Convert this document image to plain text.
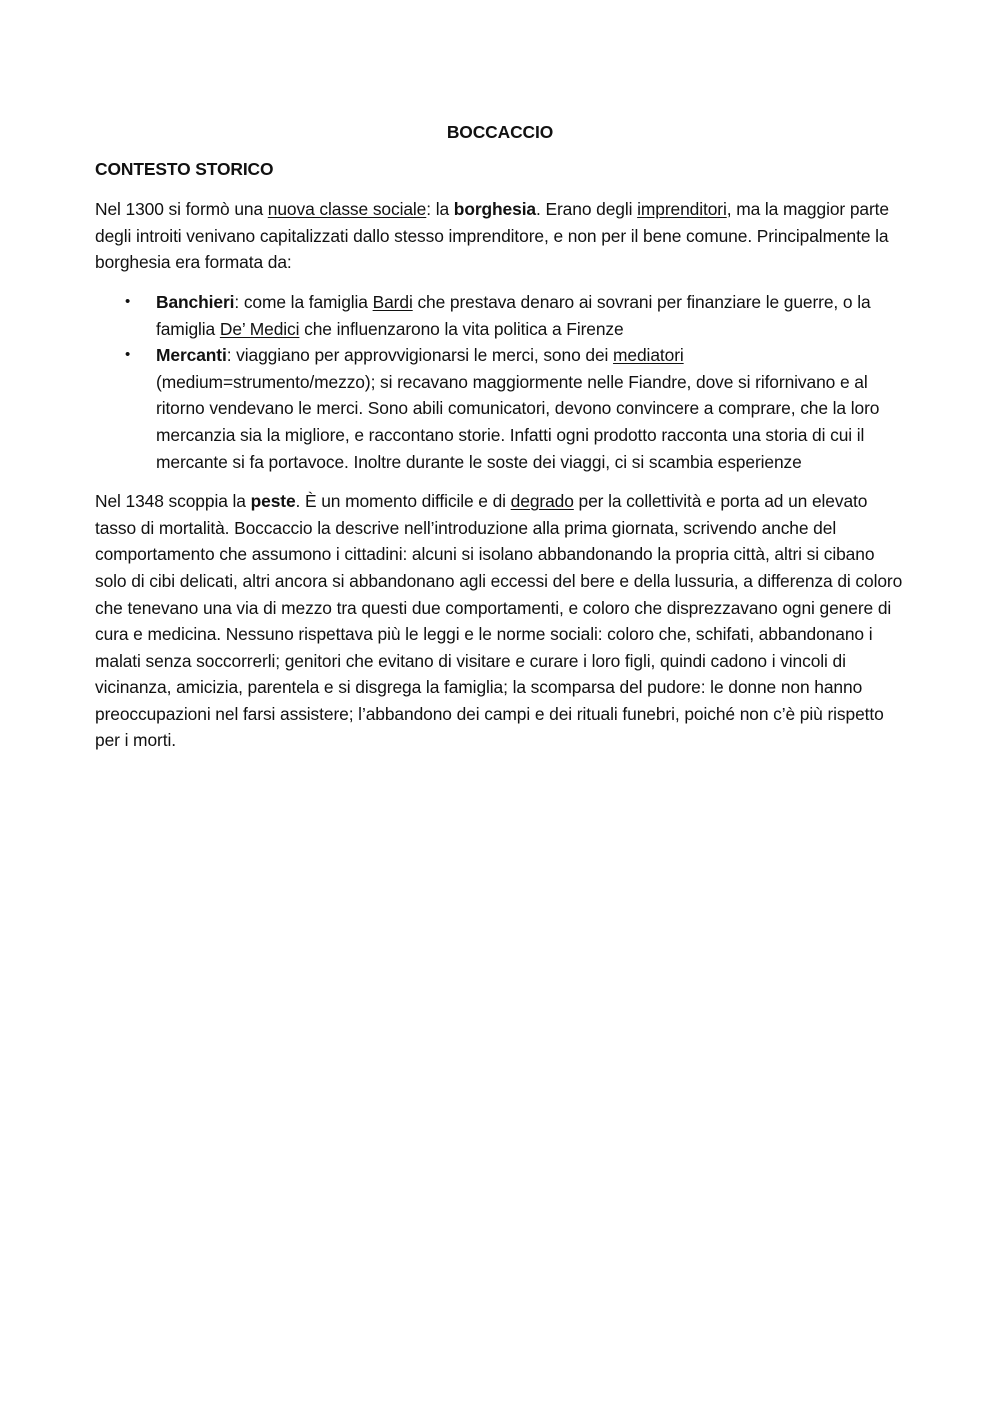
BOCCACCIO
CONTESTO STORICO

Nel 1300 si formò una nuova classe sociale: la borghesia. Erano degli imprenditori, ma la maggior parte degli introiti venivano capitalizzati dallo stesso imprenditore, e non per il bene comune. Principalmente la borghesia era formata da:

• Banchieri: come la famiglia Bardi che prestava denaro ai sovrani per finanziare le guerre, o la famiglia De’ Medici che influenzarono la vita politica a Firenze
• Mercanti: viaggiano per approvvigionarsi le merci, sono dei mediatori (medium=strumento/mezzo); si recavano maggiormente nelle Fiandre, dove si rifornivano e al ritorno vendevano le merci. Sono abili comunicatori, devono convincere a comprare, che la loro mercanzia sia la migliore, e raccontano storie. Infatti ogni prodotto racconta una storia di cui il mercante si fa portavoce. Inoltre durante le soste dei viaggi, ci si scambia esperienze

Nel 1348 scoppia la peste. È un momento difficile e di degrado per la collettività e porta ad un elevato tasso di mortalità. Boccaccio la descrive nell’introduzione alla prima giornata, scrivendo anche del comportamento che assumono i cittadini: alcuni si isolano abbandonando la propria città, altri si cibano solo di cibi delicati, altri ancora si abbandonano agli eccessi del bere e della lussuria, a differenza di coloro che tenevano una via di mezzo tra questi due comportamenti, e coloro che disprezzavano ogni genere di cura e medicina. Nessuno rispettava più le leggi e le norme sociali: coloro che, schifati, abbandonano i malati senza soccorrerli; genitori che evitano di visitare e curare i loro figli, quindi cadono i vincoli di vicinanza, amicizia, parentela e si disgrega la famiglia; la scomparsa del pudore: le donne non hanno preoccupazioni nel farsi assistere; l’abbandono dei campi e dei rituali funebri, poiché non c’è più rispetto per i morti.
